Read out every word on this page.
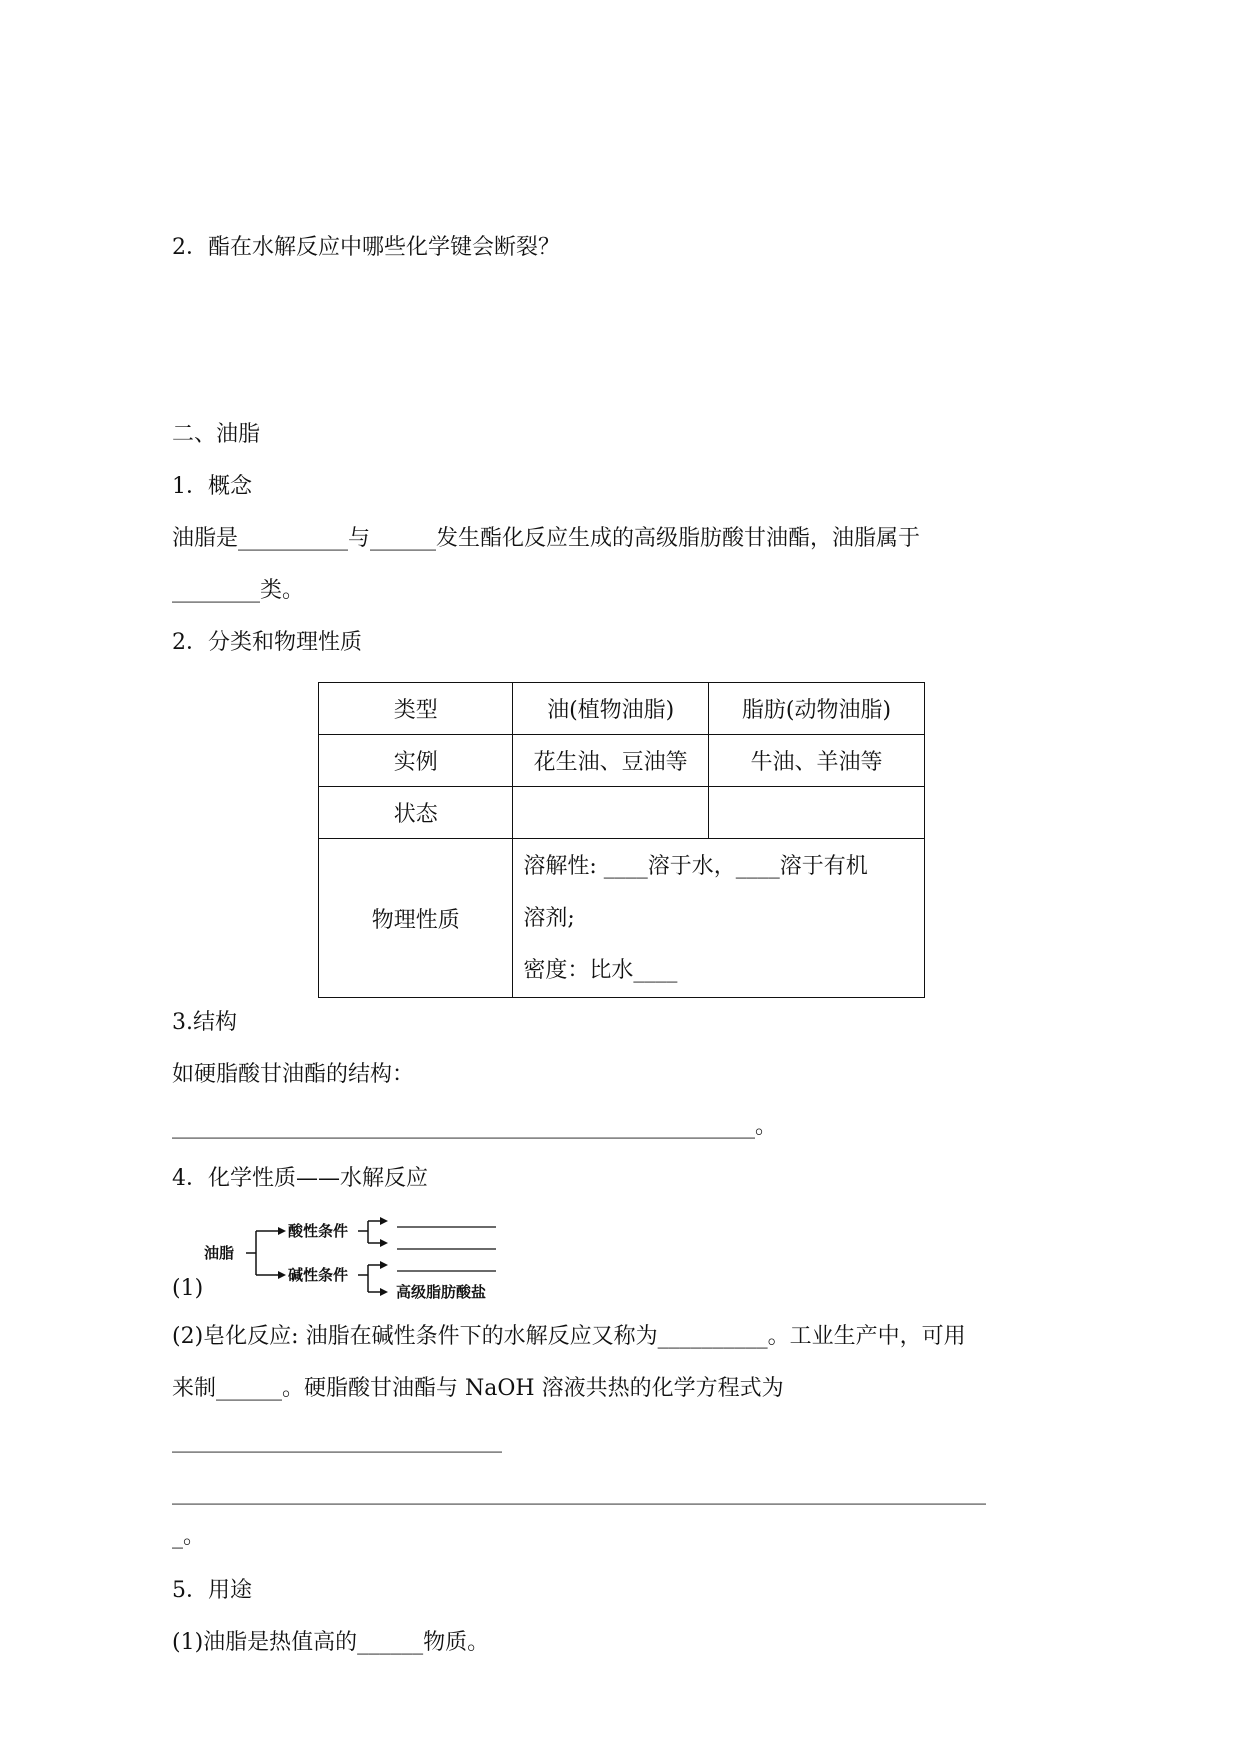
2．酯在水解反应中哪些化学键会断裂？
二、油脂
1．概念
油脂是__________与______发生酯化反应生成的高级脂肪酸甘油酯，油脂属于
________类。
2．分类和物理性质
类型	油(植物油脂)	脂肪(动物油脂)
实例	花生油、豆油等	牛油、羊油等
状态		
物理性质	溶解性: ____溶于水，____溶于有机
溶剂;
密度：比水____	
3.结构
如硬脂酸甘油酯的结构：
_____________________________________________________。
4．化学性质——水解反应
油脂
酸性条件
碱性条件
高级脂肪酸盐
(1)
(2)皂化反应: 油脂在碱性条件下的水解反应又称为__________。工业生产中，可用
来制______。硬脂酸甘油酯与 NaOH 溶液共热的化学方程式为
______________________________
__________________________________________________________________________
_。
5．用途
(1)油脂是热值高的______物质。
